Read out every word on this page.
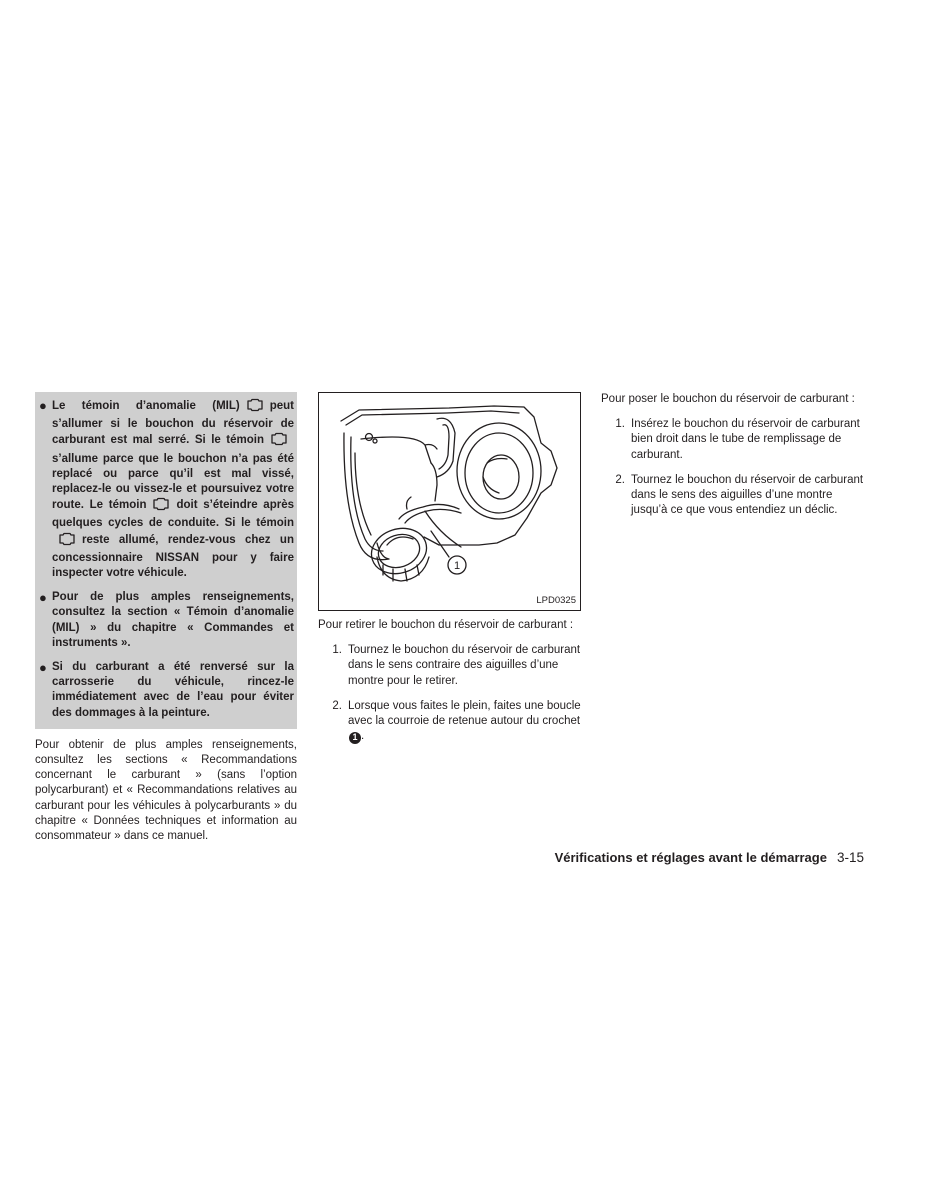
● Le témoin d’anomalie (MIL)	peut s’allumer si le bouchon du réservoir de carburant est mal serré. Si le témoins’allume parce que le bouchon n’a pas été replacé ou parce qu’il est mal vissé, replacez-le ou vissez-le et poursuivez votre route. Le témoin	doit s’éteindre après quelques cycles de conduite. Si le témoinreste allumé, rendez-vous chez un concessionnaire NISSAN pour y faire inspecter votre véhicule.
● Pour de plus amples renseignements, consultez la section « Témoin d’anomalie (MIL) » du chapitre « Commandes et instruments ».
● Si du carburant a été renversé sur la carrosserie du véhicule, rincez-le immédiatement avec de l’eau pour éviter des dommages à la peinture.
Pour obtenir de plus amples renseignements, consultez les sections « Recommandations concernant le carburant » (sans l’option polycarburant) et « Recommandations relatives au carburant pour les véhicules à polycarburants » du chapitre « Données techniques et information au consommateur » dans ce manuel.
1
LPD0325
Pour retirer le bouchon du réservoir de carburant :
1. Tournez le bouchon du réservoir de carburant dans le sens contraire des aiguilles d’une montre pour le retirer.
2. Lorsque vous faites le plein, faites une boucle avec la courroie de retenue autour du crochet 1 .
Pour poser le bouchon du réservoir de carburant :
1. Insérez le bouchon du réservoir de carburant bien droit dans le tube de remplissage de carburant.
2. Tournez le bouchon du réservoir de carburant dans le sens des aiguilles d’une montre jusqu’à ce que vous entendiez un déclic.
Vérifications et réglages avant le démarrage 3-15
